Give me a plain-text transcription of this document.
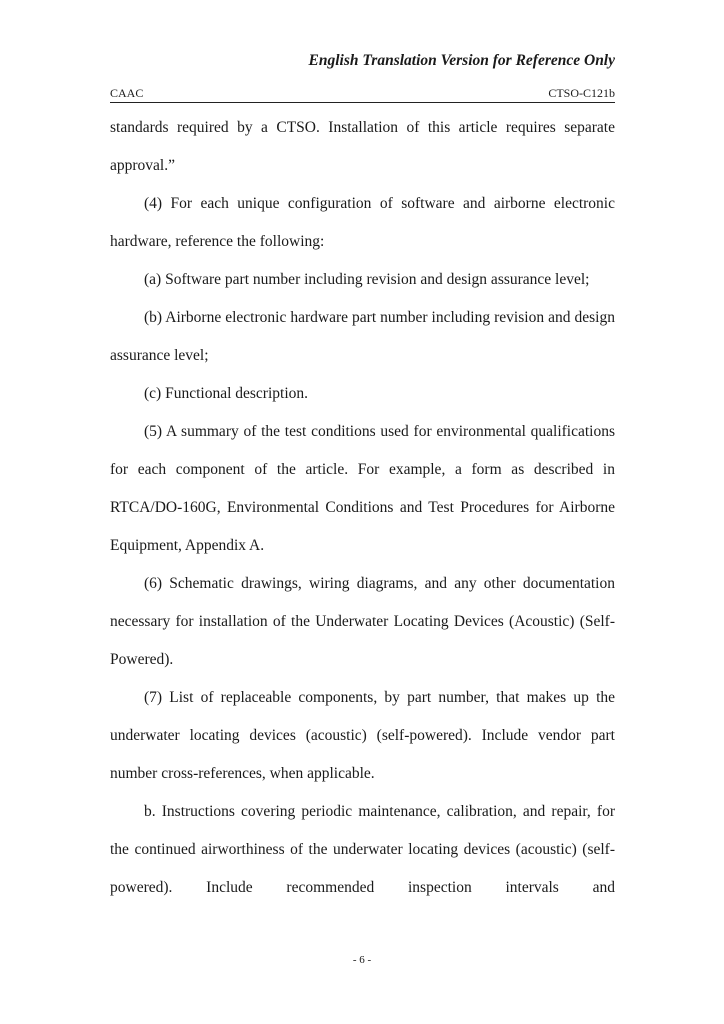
English Translation Version for Reference Only
CAAC	CTSO-C121b

standards required by a CTSO. Installation of this article requires separate approval.”

(4) For each unique configuration of software and airborne electronic hardware, reference the following:

(a) Software part number including revision and design assurance level;

(b) Airborne electronic hardware part number including revision and design assurance level;

(c) Functional description.

(5) A summary of the test conditions used for environmental qualifications for each component of the article. For example, a form as described in RTCA/DO-160G, Environmental Conditions and Test Procedures for Airborne Equipment, Appendix A.

(6) Schematic drawings, wiring diagrams, and any other documentation necessary for installation of the Underwater Locating Devices (Acoustic) (Self-Powered).

(7) List of replaceable components, by part number, that makes up the underwater locating devices (acoustic) (self-powered). Include vendor part number cross-references, when applicable.

b. Instructions covering periodic maintenance, calibration, and repair, for the continued airworthiness of the underwater locating devices (acoustic) (self-powered). Include recommended inspection intervals and

- 6 -
